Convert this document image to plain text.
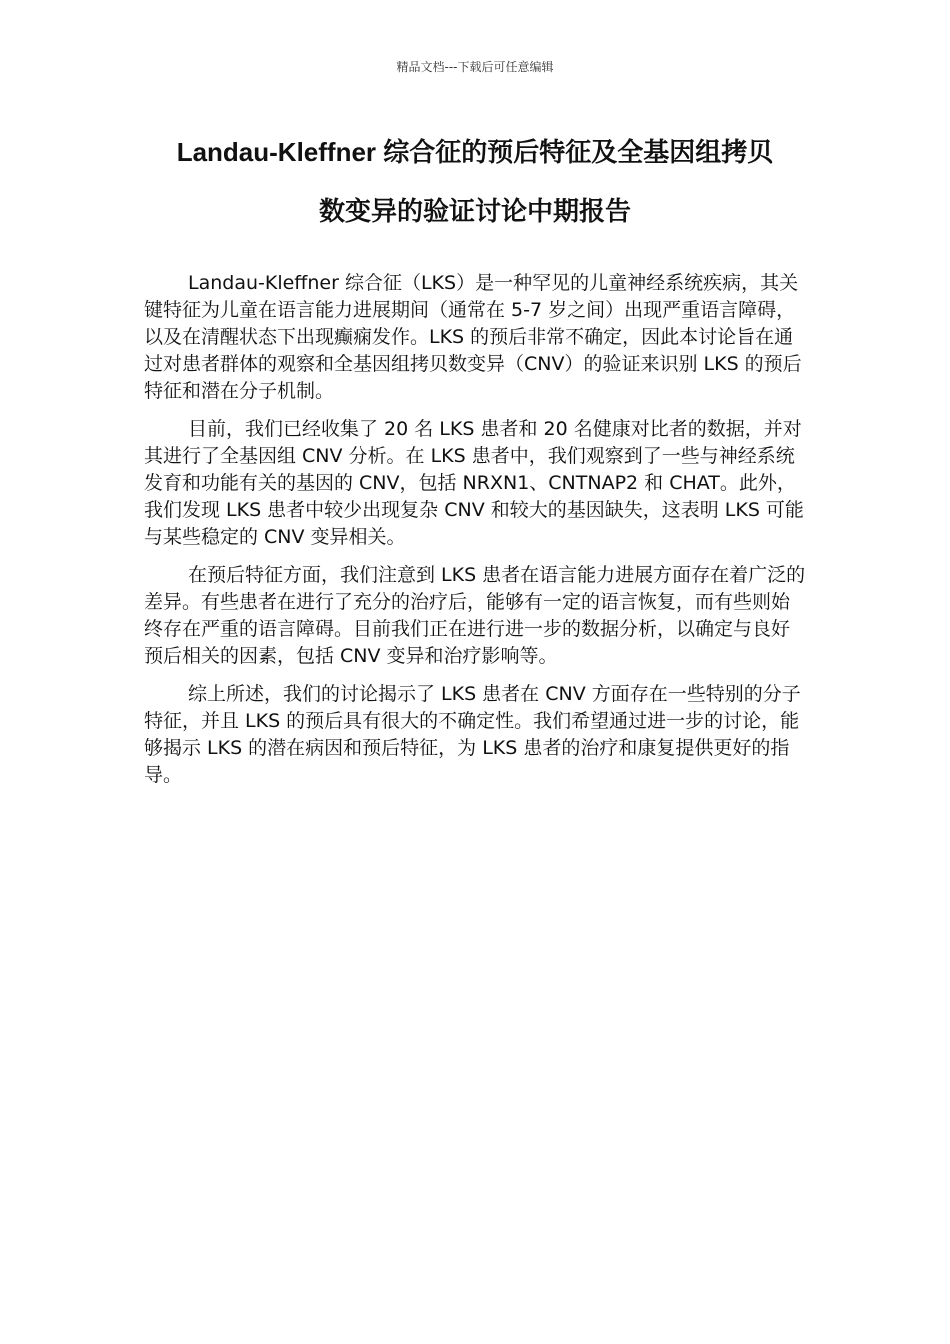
精品文档---下载后可任意编辑
Landau-Kleffner 综合征的预后特征及全基因组拷贝
数变异的验证讨论中期报告

Landau-Kleffner 综合征（LKS）是一种罕见的儿童神经系统疾病，其关键特征为儿童在语言能力进展期间（通常在 5-7 岁之间）出现严重语言障碍，以及在清醒状态下出现癫痫发作。LKS 的预后非常不确定，因此本讨论旨在通过对患者群体的观察和全基因组拷贝数变异（CNV）的验证来识别 LKS 的预后特征和潜在分子机制。

目前，我们已经收集了 20 名 LKS 患者和 20 名健康对比者的数据，并对其进行了全基因组 CNV 分析。在 LKS 患者中，我们观察到了一些与神经系统发育和功能有关的基因的 CNV，包括 NRXN1、CNTNAP2 和 CHAT。此外，我们发现 LKS 患者中较少出现复杂 CNV 和较大的基因缺失，这表明 LKS 可能与某些稳定的 CNV 变异相关。

在预后特征方面，我们注意到 LKS 患者在语言能力进展方面存在着广泛的差异。有些患者在进行了充分的治疗后，能够有一定的语言恢复，而有些则始终存在严重的语言障碍。目前我们正在进行进一步的数据分析，以确定与良好预后相关的因素，包括 CNV 变异和治疗影响等。

综上所述，我们的讨论揭示了 LKS 患者在 CNV 方面存在一些特别的分子特征，并且 LKS 的预后具有很大的不确定性。我们希望通过进一步的讨论，能够揭示 LKS 的潜在病因和预后特征，为 LKS 患者的治疗和康复提供更好的指导。
